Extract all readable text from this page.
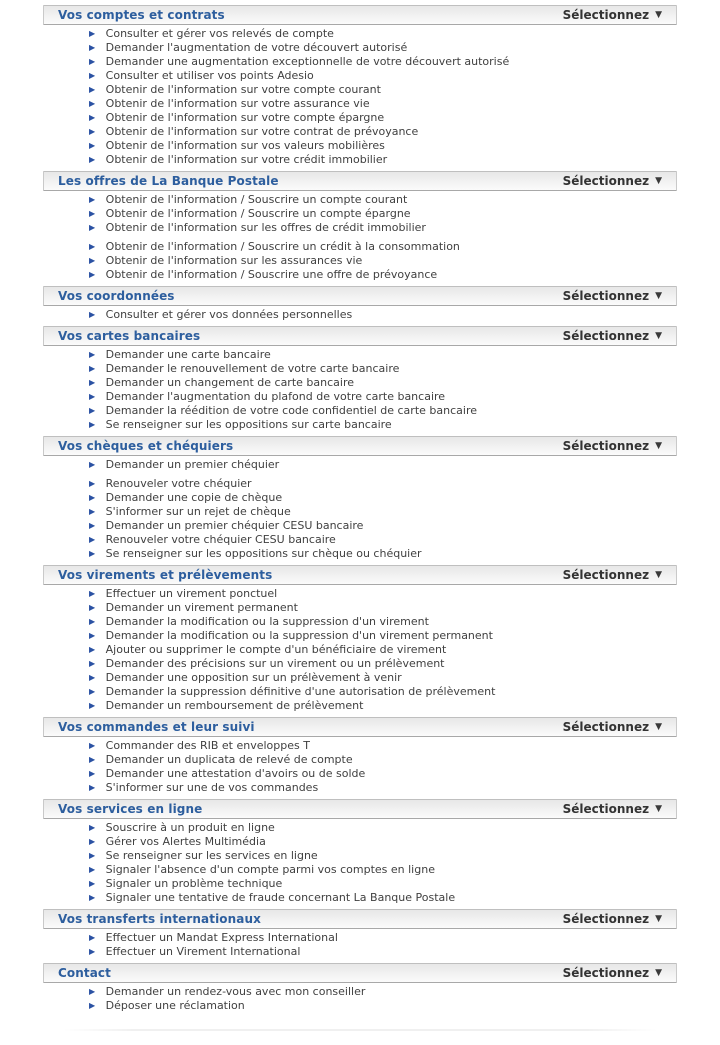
Vos comptes et contrats	Sélectionnez ▼
▶ Consulter et gérer vos relevés de compte
▶ Demander l'augmentation de votre découvert autorisé
▶ Demander une augmentation exceptionnelle de votre découvert autorisé
▶ Consulter et utiliser vos points Adesio
▶ Obtenir de l'information sur votre compte courant
▶ Obtenir de l'information sur votre assurance vie
▶ Obtenir de l'information sur votre compte épargne
▶ Obtenir de l'information sur votre contrat de prévoyance
▶ Obtenir de l'information sur vos valeurs mobilières
▶ Obtenir de l'information sur votre crédit immobilier
Les offres de La Banque Postale	Sélectionnez ▼
▶ Obtenir de l'information / Souscrire un compte courant
▶ Obtenir de l'information / Souscrire un compte épargne
▶ Obtenir de l'information sur les offres de crédit immobilier
▶ Obtenir de l'information / Souscrire un crédit à la consommation
▶ Obtenir de l'information sur les assurances vie
▶ Obtenir de l'information / Souscrire une offre de prévoyance
Vos coordonnées	Sélectionnez ▼
▶ Consulter et gérer vos données personnelles
Vos cartes bancaires	Sélectionnez ▼
▶ Demander une carte bancaire
▶ Demander le renouvellement de votre carte bancaire
▶ Demander un changement de carte bancaire
▶ Demander l'augmentation du plafond de votre carte bancaire
▶ Demander la réédition de votre code confidentiel de carte bancaire
▶ Se renseigner sur les oppositions sur carte bancaire
Vos chèques et chéquiers	Sélectionnez ▼
▶ Demander un premier chéquier
▶ Renouveler votre chéquier
▶ Demander une copie de chèque
▶ S'informer sur un rejet de chèque
▶ Demander un premier chéquier CESU bancaire
▶ Renouveler votre chéquier CESU bancaire
▶ Se renseigner sur les oppositions sur chèque ou chéquier
Vos virements et prélèvements	Sélectionnez ▼
▶ Effectuer un virement ponctuel
▶ Demander un virement permanent
▶ Demander la modification ou la suppression d'un virement
▶ Demander la modification ou la suppression d'un virement permanent
▶ Ajouter ou supprimer le compte d'un bénéficiaire de virement
▶ Demander des précisions sur un virement ou un prélèvement
▶ Demander une opposition sur un prélèvement à venir
▶ Demander la suppression définitive d'une autorisation de prélèvement
▶ Demander un remboursement de prélèvement
Vos commandes et leur suivi	Sélectionnez ▼
▶ Commander des RIB et enveloppes T
▶ Demander un duplicata de relevé de compte
▶ Demander une attestation d'avoirs ou de solde
▶ S'informer sur une de vos commandes
Vos services en ligne	Sélectionnez ▼
▶ Souscrire à un produit en ligne
▶ Gérer vos Alertes Multimédia
▶ Se renseigner sur les services en ligne
▶ Signaler l'absence d'un compte parmi vos comptes en ligne
▶ Signaler un problème technique
▶ Signaler une tentative de fraude concernant La Banque Postale
Vos transferts internationaux	Sélectionnez ▼
▶ Effectuer un Mandat Express International
▶ Effectuer un Virement International
Contact	Sélectionnez ▼
▶ Demander un rendez-vous avec mon conseiller
▶ Déposer une réclamation
